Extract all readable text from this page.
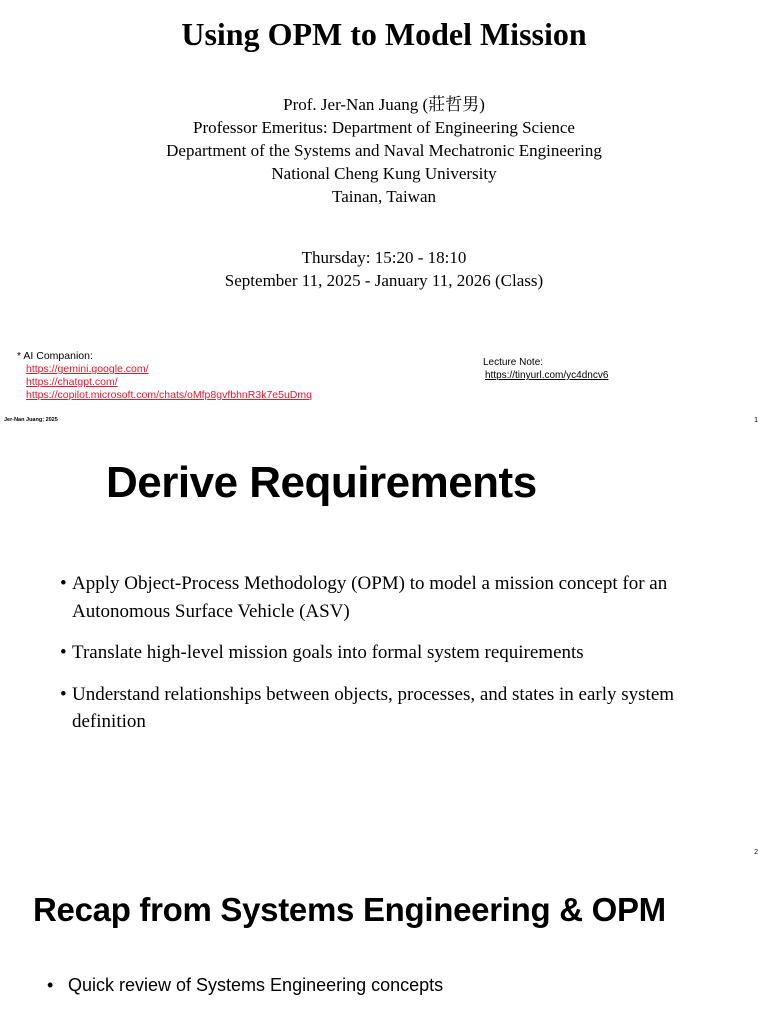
Using OPM to Model Mission
Prof. Jer-Nan Juang (莊哲男)
Professor Emeritus: Department of Engineering Science
Department of the Systems and Naval Mechatronic Engineering
National Cheng Kung University
Tainan, Taiwan
Thursday: 15:20 - 18:10
September 11, 2025 - January 11, 2026 (Class)
* AI Companion:
https://gemini.google.com/
https://chatgpt.com/
https://copilot.microsoft.com/chats/oMfp8gvfbhnR3k7e5uDmq
Lecture Note:
https://tinyurl.com/yc4dncv6
Jer-Nan Juang; 2025	1
Derive Requirements
• Apply Object-Process Methodology (OPM) to model a mission concept for an Autonomous Surface Vehicle (ASV)
• Translate high-level mission goals into formal system requirements
• Understand relationships between objects, processes, and states in early system definition
2
Recap from Systems Engineering & OPM
• Quick review of Systems Engineering concepts
